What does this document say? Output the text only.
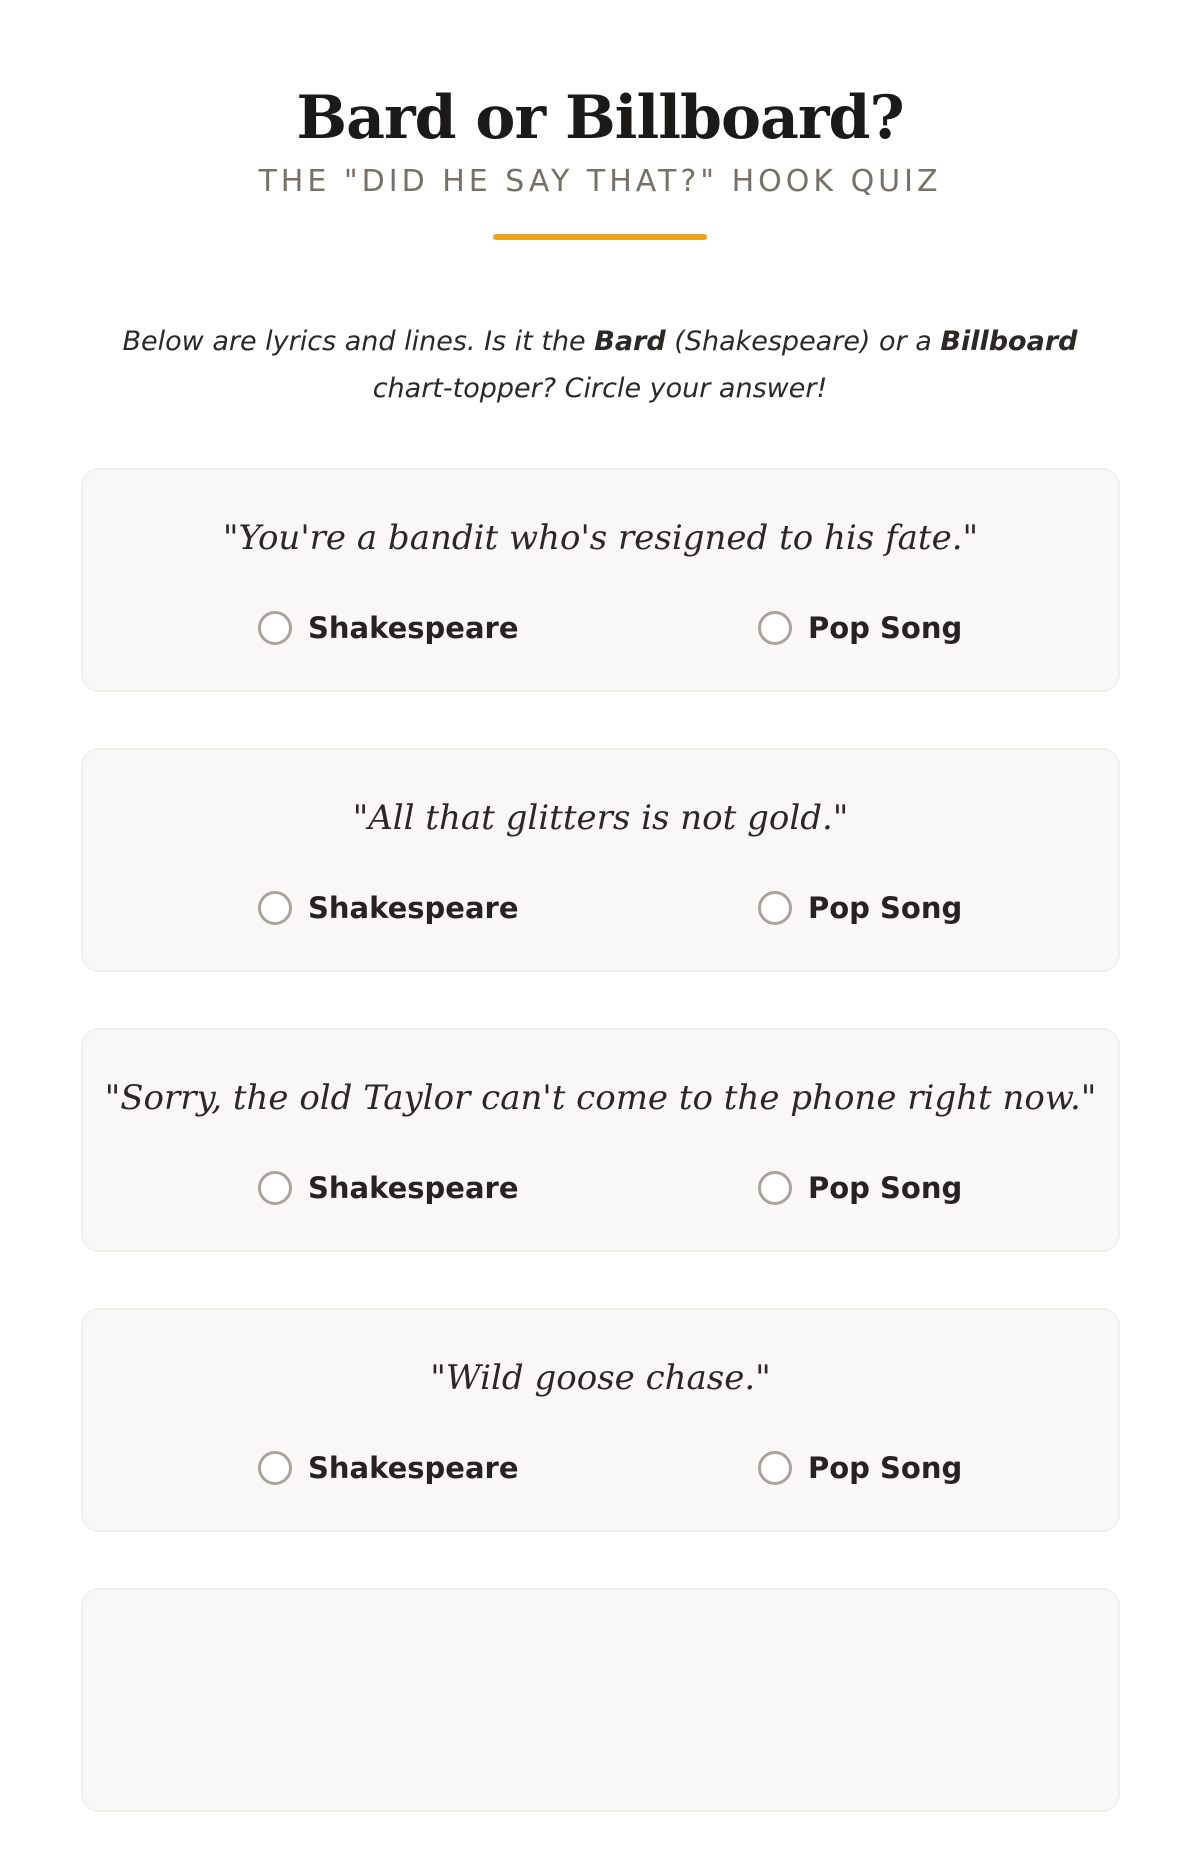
Bard or Billboard?
THE "DID HE SAY THAT?" HOOK QUIZ
Below are lyrics and lines. Is it the Bard (Shakespeare) or a Billboard chart-topper? Circle your answer!
"You're a bandit who's resigned to his fate."
Shakespeare	Pop Song
"All that glitters is not gold."
Shakespeare	Pop Song
"Sorry, the old Taylor can't come to the phone right now."
Shakespeare	Pop Song
"Wild goose chase."
Shakespeare	Pop Song
